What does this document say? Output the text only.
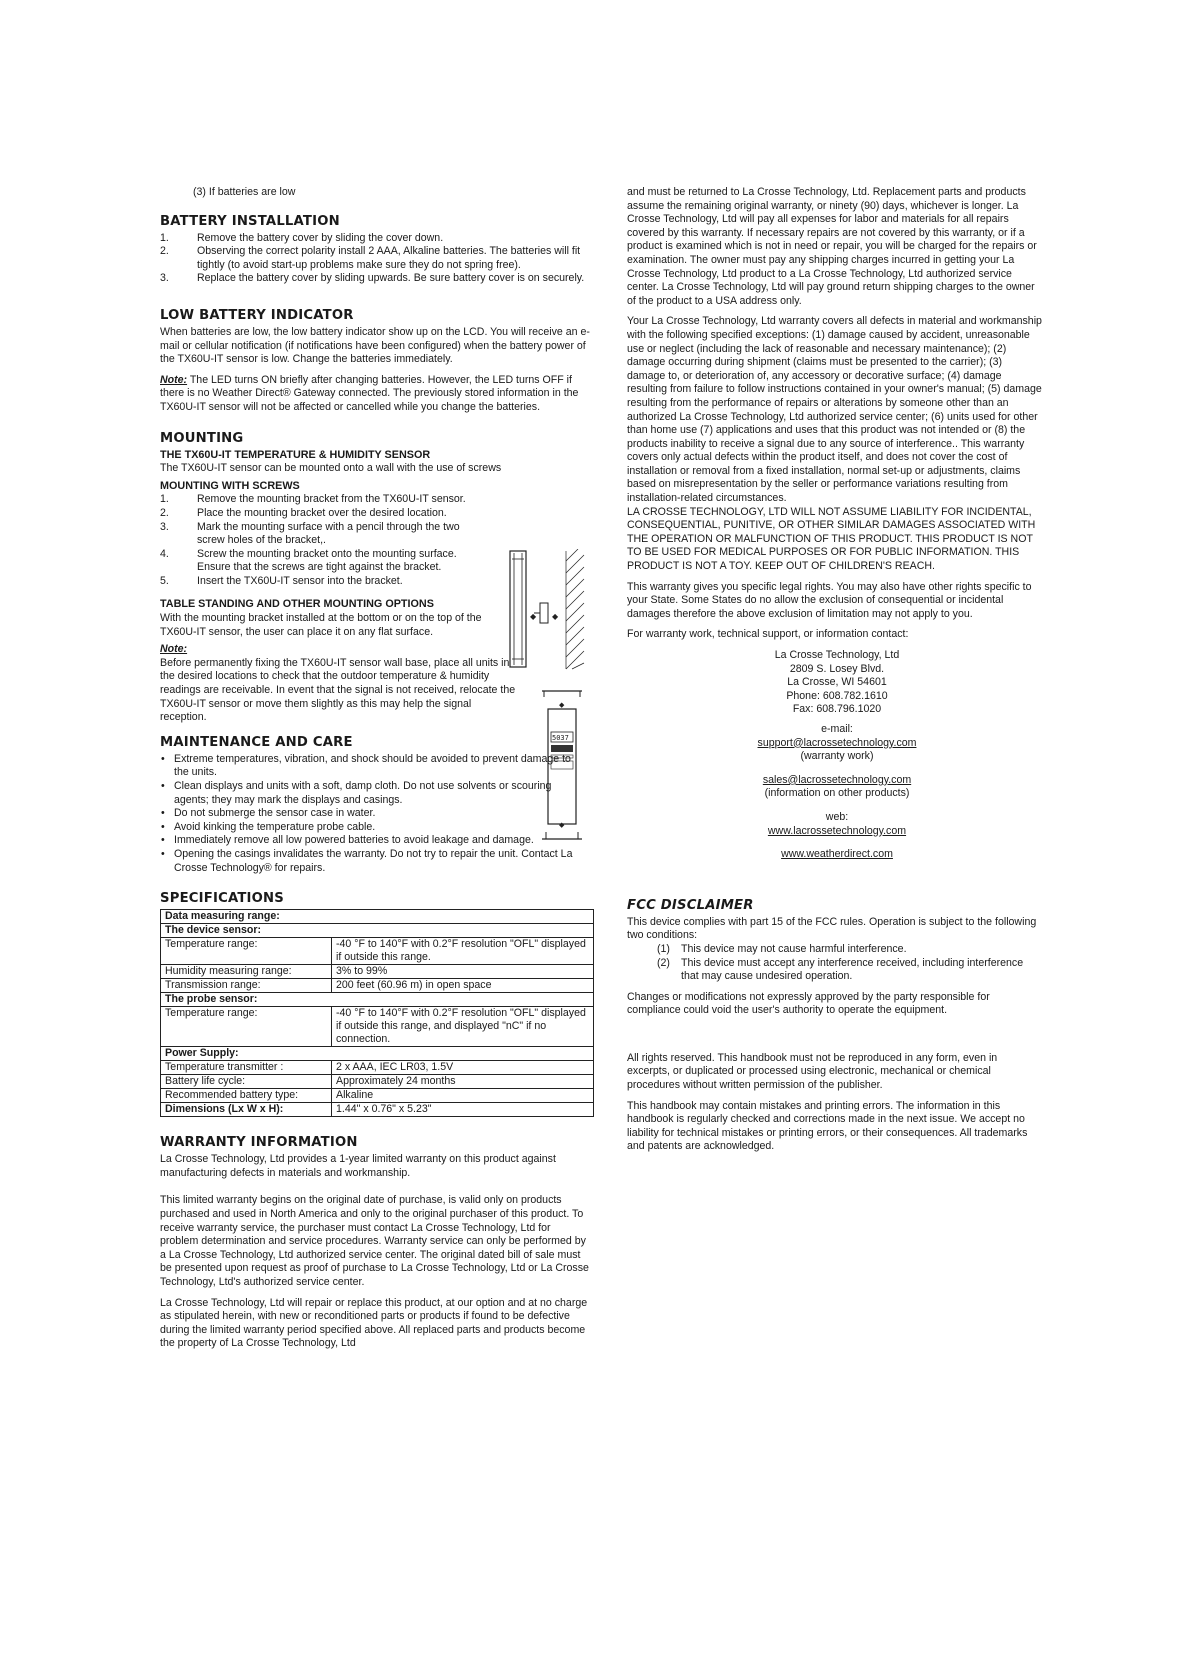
(3) If batteries are low

BATTERY INSTALLATION
1.	Remove the battery cover by sliding the cover down.
2.	Observing the correct polarity install 2 AAA, Alkaline batteries. The batteries will fit tightly (to avoid start-up problems make sure they do not spring free).
3.	Replace the battery cover by sliding upwards. Be sure battery cover is on securely.
LOW BATTERY INDICATOR

When batteries are low, the low battery indicator show up on the LCD. You will receive an e-mail or cellular notification (if notifications have been configured) when the battery power of the TX60U-IT sensor is low. Change the batteries immediately.

Note: The LED turns ON briefly after changing batteries. However, the LED turns OFF if there is no Weather Direct® Gateway connected. The previously stored information in the TX60U-IT sensor will not be affected or cancelled while you change the batteries.

MOUNTING
THE TX60U-IT TEMPERATURE & HUMIDITY SENSOR

The TX60U-IT sensor can be mounted onto a wall with the use of screws

MOUNTING WITH SCREWS
1.	Remove the mounting bracket from the TX60U-IT sensor.
2.	Place the mounting bracket over the desired location.
3.	Mark the mounting surface with a pencil through the two screw holes of the bracket,.
4.	Screw the mounting bracket onto the mounting surface. Ensure that the screws are tight against the bracket.
5.	Insert the TX60U-IT sensor into the bracket.
TABLE STANDING AND OTHER MOUNTING OPTIONS

With the mounting bracket installed at the bottom or on the top of the TX60U-IT sensor, the user can place it on any flat surface.

Note:

Before permanently fixing the TX60U-IT sensor wall base, place all units in the desired locations to check that the outdoor temperature & humidity readings are receivable. In event that the signal is not received, relocate the TX60U-IT sensor or move them slightly as this may help the signal reception.

MAINTENANCE AND CARE
• Extreme temperatures, vibration, and shock should be avoided to prevent damage to the units.
• Clean displays and units with a soft, damp cloth. Do not use solvents or scouring agents; they may mark the displays and casings.
• Do not submerge the sensor case in water.
• Avoid kinking the temperature probe cable.
• Immediately remove all low powered batteries to avoid leakage and damage.
• Opening the casings invalidates the warranty. Do not try to repair the unit. Contact La Crosse Technology® for repairs.
SPECIFICATIONS
Data measuring range:	
The device sensor:	
Temperature range:	-40 °F to 140°F with 0.2°F resolution "OFL" displayed if outside this range.
Humidity measuring range:	3% to 99%
Transmission range:	200 feet (60.96 m) in open space
The probe sensor:	
Temperature range:	-40 °F to 140°F with 0.2°F resolution "OFL" displayed if outside this range, and displayed "nC" if no connection.
Power Supply:	
Temperature transmitter :	2 x AAA, IEC LR03, 1.5V
Battery life cycle:	Approximately 24 months
Recommended battery type:	Alkaline
Dimensions (Lx W x H):	1.44" x 0.76" x 5.23"
WARRANTY INFORMATION

La Crosse Technology, Ltd provides a 1-year limited warranty on this product against manufacturing defects in materials and workmanship.

This limited warranty begins on the original date of purchase, is valid only on products purchased and used in North America and only to the original purchaser of this product. To receive warranty service, the purchaser must contact La Crosse Technology, Ltd for problem determination and service procedures. Warranty service can only be performed by a La Crosse Technology, Ltd authorized service center. The original dated bill of sale must be presented upon request as proof of purchase to La Crosse Technology, Ltd or La Crosse Technology, Ltd's authorized service center.

La Crosse Technology, Ltd will repair or replace this product, at our option and at no charge as stipulated herein, with new or reconditioned parts or products if found to be defective during the limited warranty period specified above. All replaced parts and products become the property of La Crosse Technology, Ltd

◆ ◆
◆
5037
◆

and must be returned to La Crosse Technology, Ltd. Replacement parts and products assume the remaining original warranty, or ninety (90) days, whichever is longer. La Crosse Technology, Ltd will pay all expenses for labor and materials for all repairs covered by this warranty. If necessary repairs are not covered by this warranty, or if a product is examined which is not in need or repair, you will be charged for the repairs or examination. The owner must pay any shipping charges incurred in getting your La Crosse Technology, Ltd product to a La Crosse Technology, Ltd authorized service center. La Crosse Technology, Ltd will pay ground return shipping charges to the owner of the product to a USA address only.

Your La Crosse Technology, Ltd warranty covers all defects in material and workmanship with the following specified exceptions: (1) damage caused by accident, unreasonable use or neglect (including the lack of reasonable and necessary maintenance); (2) damage occurring during shipment (claims must be presented to the carrier); (3) damage to, or deterioration of, any accessory or decorative surface; (4) damage resulting from failure to follow instructions contained in your owner's manual; (5) damage resulting from the performance of repairs or alterations by someone other than an authorized La Crosse Technology, Ltd authorized service center; (6) units used for other than home use (7) applications and uses that this product was not intended or (8) the products inability to receive a signal due to any source of interference.. This warranty covers only actual defects within the product itself, and does not cover the cost of installation or removal from a fixed installation, normal set-up or adjustments, claims based on misrepresentation by the seller or performance variations resulting from installation-related circumstances.

LA CROSSE TECHNOLOGY, LTD WILL NOT ASSUME LIABILITY FOR INCIDENTAL, CONSEQUENTIAL, PUNITIVE, OR OTHER SIMILAR DAMAGES ASSOCIATED WITH THE OPERATION OR MALFUNCTION OF THIS PRODUCT. THIS PRODUCT IS NOT TO BE USED FOR MEDICAL PURPOSES OR FOR PUBLIC INFORMATION. THIS PRODUCT IS NOT A TOY. KEEP OUT OF CHILDREN'S REACH.

This warranty gives you specific legal rights. You may also have other rights specific to your State. Some States do no allow the exclusion of consequential or incidental damages therefore the above exclusion of limitation may not apply to you.

For warranty work, technical support, or information contact:

La Crosse Technology, Ltd
2809 S. Losey Blvd.
La Crosse, WI 54601
Phone: 608.782.1610
Fax: 608.796.1020
e-mail:
support@lacrossetechnology.com
(warranty work)
sales@lacrossetechnology.com
(information on other products)
web:
www.lacrossetechnology.com
www.weatherdirect.com
FCC DISCLAIMER

This device complies with part 15 of the FCC rules. Operation is subject to the following two conditions:

(1) This device may not cause harmful interference.
(2) This device must accept any interference received, including interference that may cause undesired operation.

Changes or modifications not expressly approved by the party responsible for compliance could void the user's authority to operate the equipment.

All rights reserved. This handbook must not be reproduced in any form, even in excerpts, or duplicated or processed using electronic, mechanical or chemical procedures without written permission of the publisher.

This handbook may contain mistakes and printing errors. The information in this handbook is regularly checked and corrections made in the next issue. We accept no liability for technical mistakes or printing errors, or their consequences. All trademarks and patents are acknowledged.
